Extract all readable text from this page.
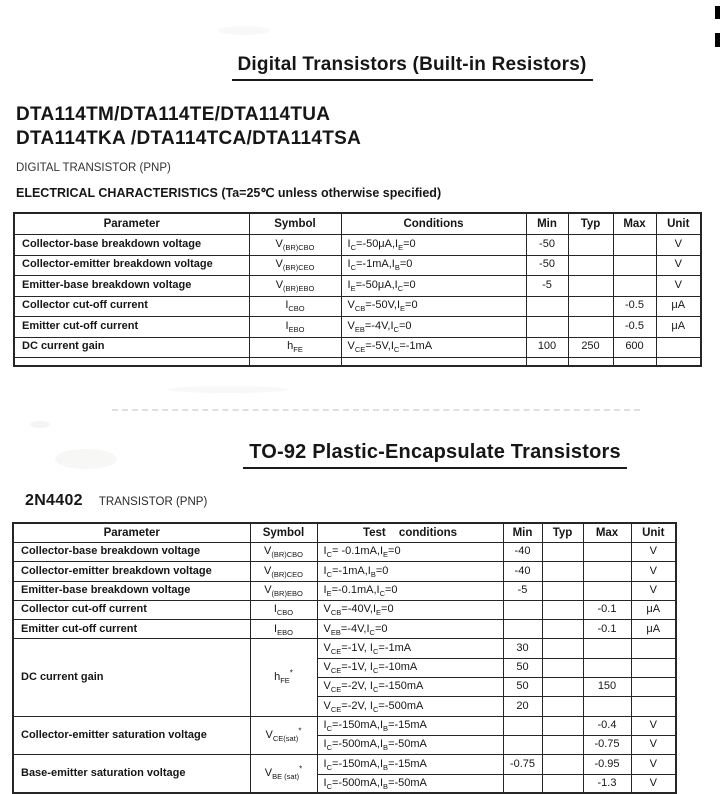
Digital Transistors (Built-in Resistors)
DTA114TM/DTA114TE/DTA114TUA
DTA114TKA /DTA114TCA/DTA114TSA
DIGITAL TRANSISTOR (PNP)
ELECTRICAL CHARACTERISTICS (Ta=25℃ unless otherwise specified)
Parameter	Symbol	Conditions	Min	Typ	Max	Unit
Collector-base breakdown voltage	$V_{(BR)CBO}$	$I_C=-50\mu A,I_E=0$	-50			V
Collector-emitter breakdown voltage	$V_{(BR)CEO}$	$I_C=-1mA,I_B=0$	-50			V
Emitter-base breakdown voltage	$V_{(BR)EBO}$	$I_E=-50\mu A,I_C=0$	-5			V
Collector cut-off current	$I_{CBO}$	$V_{CB}=-50V,I_E=0$			-0.5	μA
Emitter cut-off current	$I_{EBO}$	$V_{EB}=-4V,I_C=0$			-0.5	μA
DC current gain	$h_{FE}$	$V_{CE}=-5V,I_C=-1mA$	100	250	600	

TO-92 Plastic-Encapsulate Transistors
2N4402 TRANSISTOR (PNP)
Parameter	Symbol	Test conditions	Min	Typ	Max	Unit
Collector-base breakdown voltage	$V_{(BR)CBO}$	$I_C= -0.1mA,I_E=0$	-40			V
Collector-emitter breakdown voltage	$V_{(BR)CEO}$	$I_C=-1mA,I_B=0$	-40			V
Emitter-base breakdown voltage	$V_{(BR)EBO}$	$I_E=-0.1mA,I_C=0$	-5			V
Collector cut-off current	$I_{CBO}$	$V_{CB}=-40V,I_E=0$			-0.1	μA
Emitter cut-off current	$I_{EBO}$	$V_{EB}=-4V,I_C=0$			-0.1	μA
DC current gain	$h_{FE}^*$	$V_{CE}=-1V$, $I_C=-1mA$	30			
		$V_{CE}=-1V$, $I_C=-10mA$	50			
		$V_{CE}=-2V$, $I_C=-150mA$	50		150	
		$V_{CE}=-2V$, $I_C=-500mA$	20			
Collector-emitter saturation voltage	$V_{CE(sat)}^*$	$I_C=-150mA,I_B=-15mA$			-0.4	V
		$I_C=-500mA,I_B=-50mA$			-0.75	V
Base-emitter saturation voltage	$V_{BE (sat)}^*$	$I_C=-150mA,I_B=-15mA$	-0.75		-0.95	V
		$I_C=-500mA,I_B=-50mA$			-1.3	V
